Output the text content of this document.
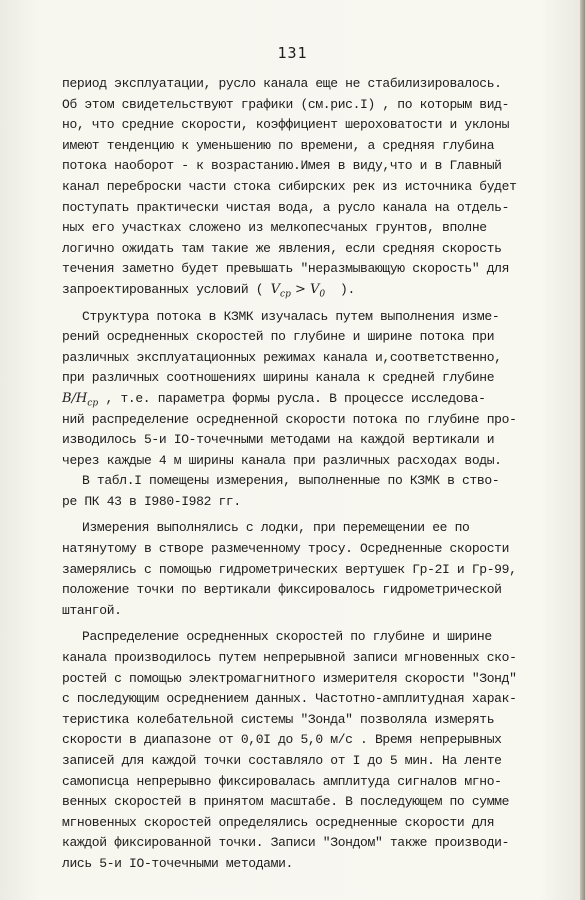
131
период эксплуатации, русло канала еще не стабилизировалось.
Об этом свидетельствуют графики (см.рис.I) , по которым вид-
но, что средние скорости, коэффициент шероховатости и уклоны
имеют тенденцию к уменьшению по времени, а средняя глубина
потока наоборот - к возрастанию.Имея в виду,что и в Главный
канал переброски части стока сибирских рек из источника будет
поступать практически чистая вода, а русло канала на отдель-
ных его участках сложено из мелкопесчаных грунтов, вполне
логично ожидать там такие же явления, если средняя скорость
течения заметно будет превышать "неразмывающую скорость" для
запроектированных условий ( $V_{ср} > V_0$ ).
Структура потока в КЗМК изучалась путем выполнения изме-
рений осредненных скоростей по глубине и ширине потока при
различных эксплуатационных режимах канала и,соответственно,
при различных соотношениях ширины канала к средней глубине
$B/H_{ср}$ , т.е. параметра формы русла. В процессе исследова-
ний распределение осредненной скорости потока по глубине про-
изводилось 5-и IO-точечными методами на каждой вертикали и
через каждые 4 м ширины канала при различных расходах воды.
В табл.I помещены измерения, выполненные по КЗМК в ство-
ре ПК 43 в I980-I982 гг.
Измерения выполнялись с лодки, при перемещении ее по
натянутому в створе размеченному тросу. Осредненные скорости
замерялись с помощью гидрометрических вертушек Гр-2I и Гр-99,
положение точки по вертикали фиксировалось гидрометрической
штангой.
Распределение осредненных скоростей по глубине и ширине
канала производилось путем непрерывной записи мгновенных ско-
ростей с помощью электромагнитного измерителя скорости "Зонд"
с последующим осреднением данных. Частотно-амплитудная харак-
теристика колебательной системы "Зонда" позволяла измерять
скорости в диапазоне от 0,0I до 5,0 м/с . Время непрерывных
записей для каждой точки составляло от I до 5 мин. На ленте
самописца непрерывно фиксировалась амплитуда сигналов мгно-
венных скоростей в принятом масштабе. В последующем по сумме
мгновенных скоростей определялись осредненные скорости для
каждой фиксированной точки. Записи "Зондом" также производи-
лись 5-и IO-точечными методами.
